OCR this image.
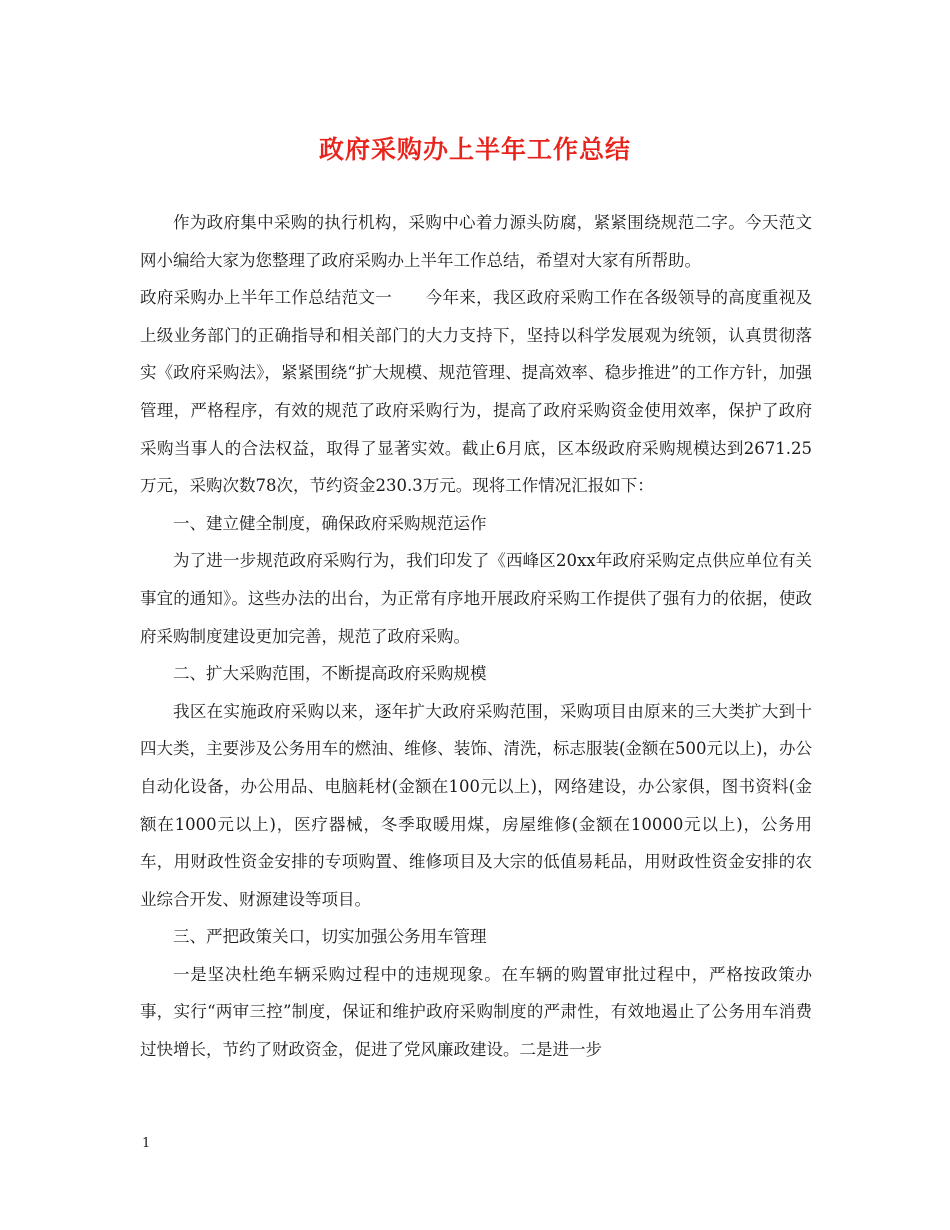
政府采购办上半年工作总结

作为政府集中采购的执行机构，采购中心着力源头防腐，紧紧围绕规范二字。今天范文网小编给大家为您整理了政府采购办上半年工作总结，希望对大家有所帮助。

政府采购办上半年工作总结范文一　　今年来，我区政府采购工作在各级领导的高度重视及上级业务部门的正确指导和相关部门的大力支持下，坚持以科学发展观为统领，认真贯彻落实《政府采购法》，紧紧围绕“扩大规模、规范管理、提高效率、稳步推进”的工作方针，加强管理，严格程序，有效的规范了政府采购行为，提高了政府采购资金使用效率，保护了政府采购当事人的合法权益，取得了显著实效。截止6月底，区本级政府采购规模达到2671.25万元，采购次数78次，节约资金230.3万元。现将工作情况汇报如下：

一、建立健全制度，确保政府采购规范运作

为了进一步规范政府采购行为，我们印发了《西峰区20xx年政府采购定点供应单位有关事宜的通知》。这些办法的出台，为正常有序地开展政府采购工作提供了强有力的依据，使政府采购制度建设更加完善，规范了政府采购。

二、扩大采购范围，不断提高政府采购规模

我区在实施政府采购以来，逐年扩大政府采购范围，采购项目由原来的三大类扩大到十四大类，主要涉及公务用车的燃油、维修、装饰、清洗，标志服装(金额在500元以上)，办公自动化设备，办公用品、电脑耗材(金额在100元以上)，网络建设，办公家俱，图书资料(金额在1000元以上)，医疗器械，冬季取暖用煤，房屋维修(金额在10000元以上)，公务用车，用财政性资金安排的专项购置、维修项目及大宗的低值易耗品，用财政性资金安排的农业综合开发、财源建设等项目。

三、严把政策关口，切实加强公务用车管理

一是坚决杜绝车辆采购过程中的违规现象。在车辆的购置审批过程中，严格按政策办事，实行“两审三控”制度，保证和维护政府采购制度的严肃性，有效地遏止了公务用车消费过快增长，节约了财政资金，促进了党风廉政建设。二是进一步

1
